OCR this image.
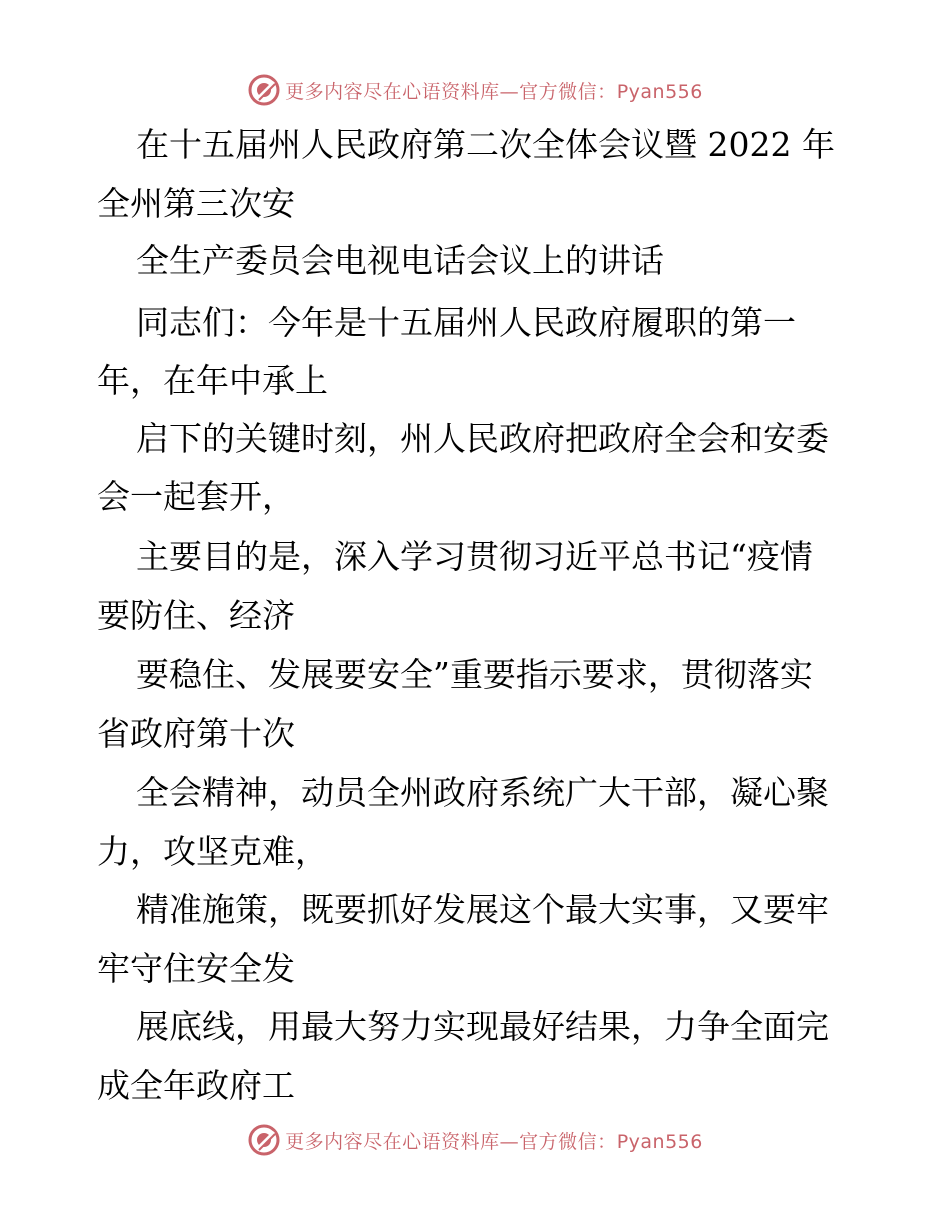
更多内容尽在心语资料库—官方微信：Pyan556
在十五届州人民政府第二次全体会议暨 2022 年
全州第三次安
全生产委员会电视电话会议上的讲话
同志们：今年是十五届州人民政府履职的第一
年，在年中承上
启下的关键时刻，州人民政府把政府全会和安委
会一起套开，
主要目的是，深入学习贯彻习近平总书记“疫情
要防住、经济
要稳住、发展要安全”重要指示要求，贯彻落实
省政府第十次
全会精神，动员全州政府系统广大干部，凝心聚
力，攻坚克难，
精准施策，既要抓好发展这个最大实事，又要牢
牢守住安全发
展底线，用最大努力实现最好结果，力争全面完
成全年政府工
更多内容尽在心语资料库—官方微信：Pyan556
